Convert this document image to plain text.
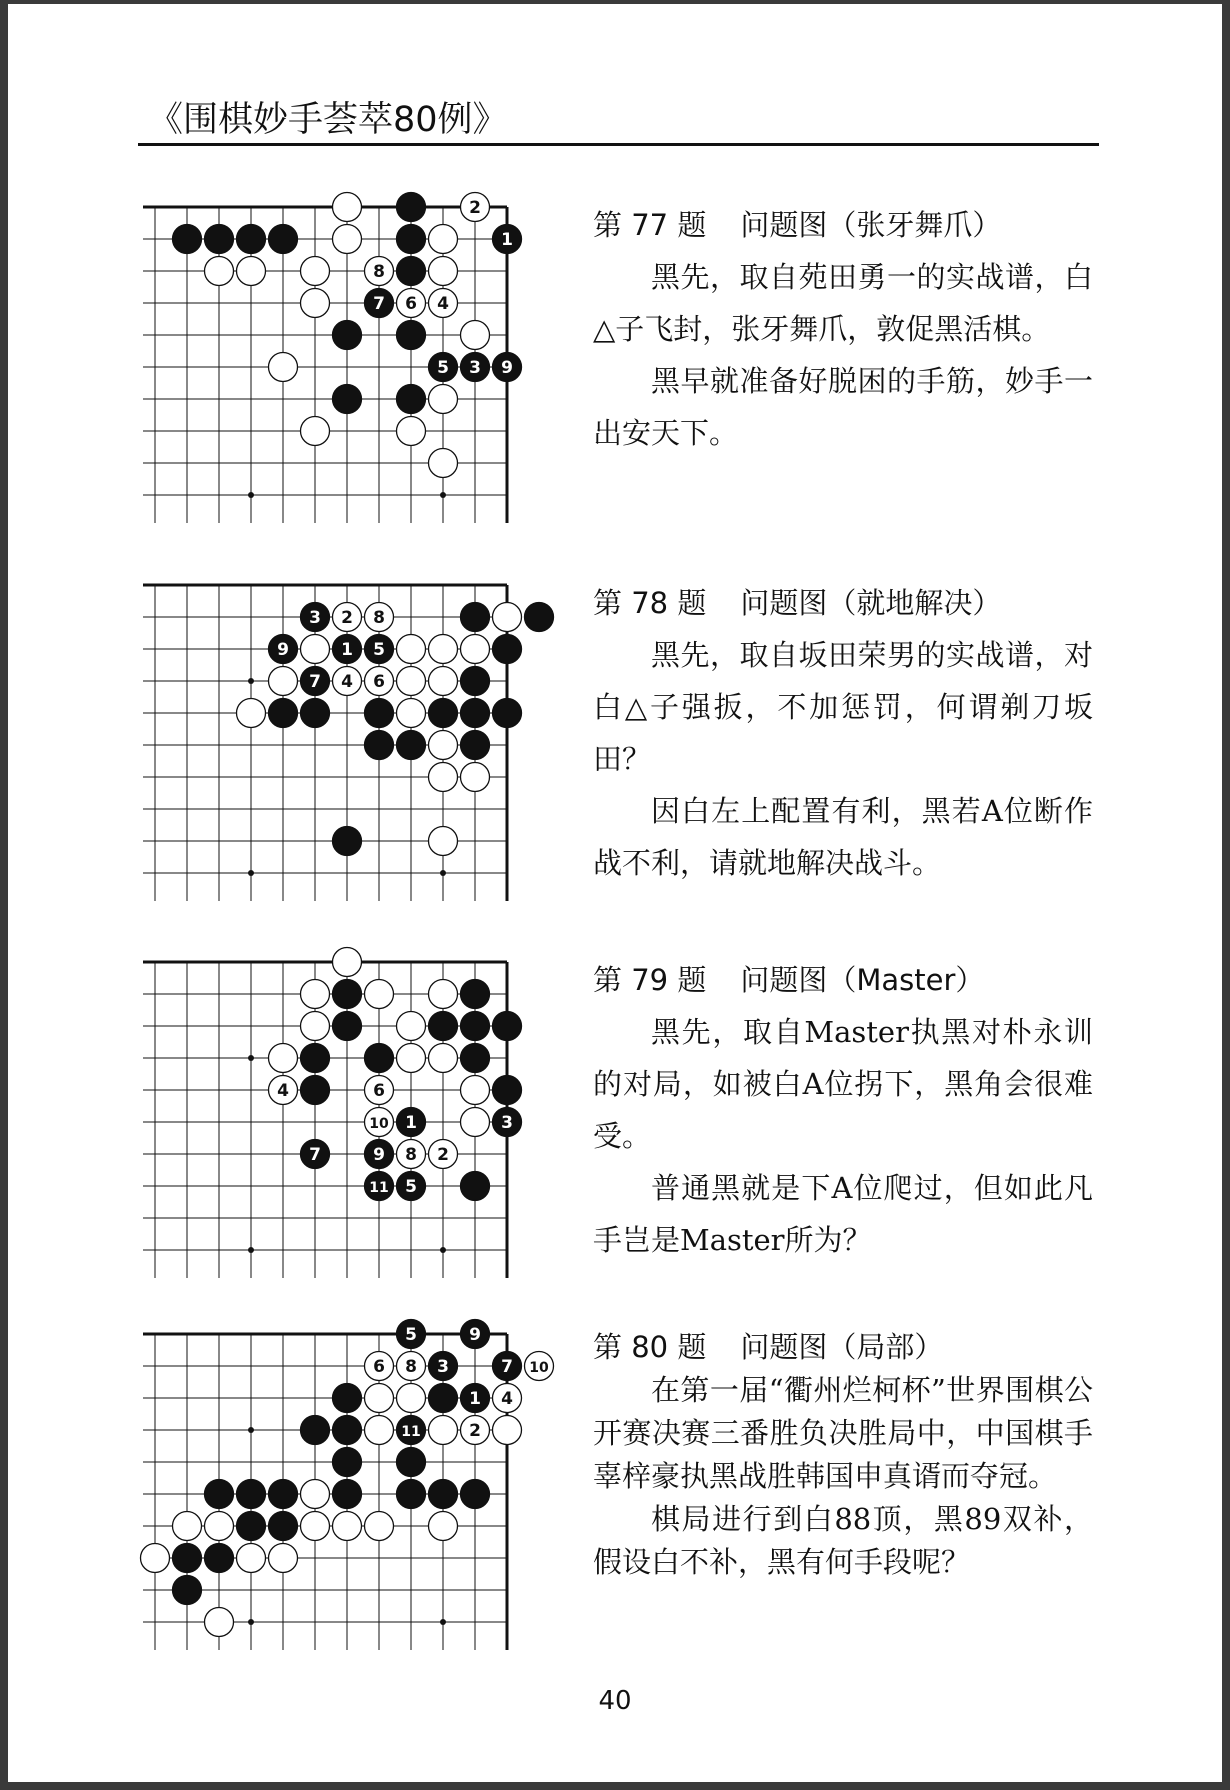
《围棋妙手荟萃80例》
2
1
8
7 6 4
5 3 9
第 77 题 问题图（张牙舞爪）

黑先，取自苑田勇一的实战谱，白△子飞封，张牙舞爪，敦促黑活棋。

黑早就准备好脱困的手筋，妙手一出安天下。

3 2 8
9	1 5
7 4 6
第 78 题 问题图（就地解决）

黑先，取自坂田荣男的实战谱，对白△子强扳，不加惩罚，何谓剃刀坂田？

因白左上配置有利，黑若A位断作战不利，请就地解决战斗。

4	6
10 1	3
7	9 8 2
11 5
第 79 题 问题图（Master）

黑先，取自Master执黑对朴永训的对局，如被白A位拐下，黑角会很难受。

普通黑就是下A位爬过，但如此凡手岂是Master所为？

5	9
6 8 3	7 10
1 4
11	2
第 80 题 问题图（局部）

在第一届“衢州烂柯杯”世界围棋公开赛决赛三番胜负决胜局中，中国棋手辜梓豪执黑战胜韩国申真谞而夺冠。

棋局进行到白88顶，黑89双补，假设白不补，黑有何手段呢？

40
